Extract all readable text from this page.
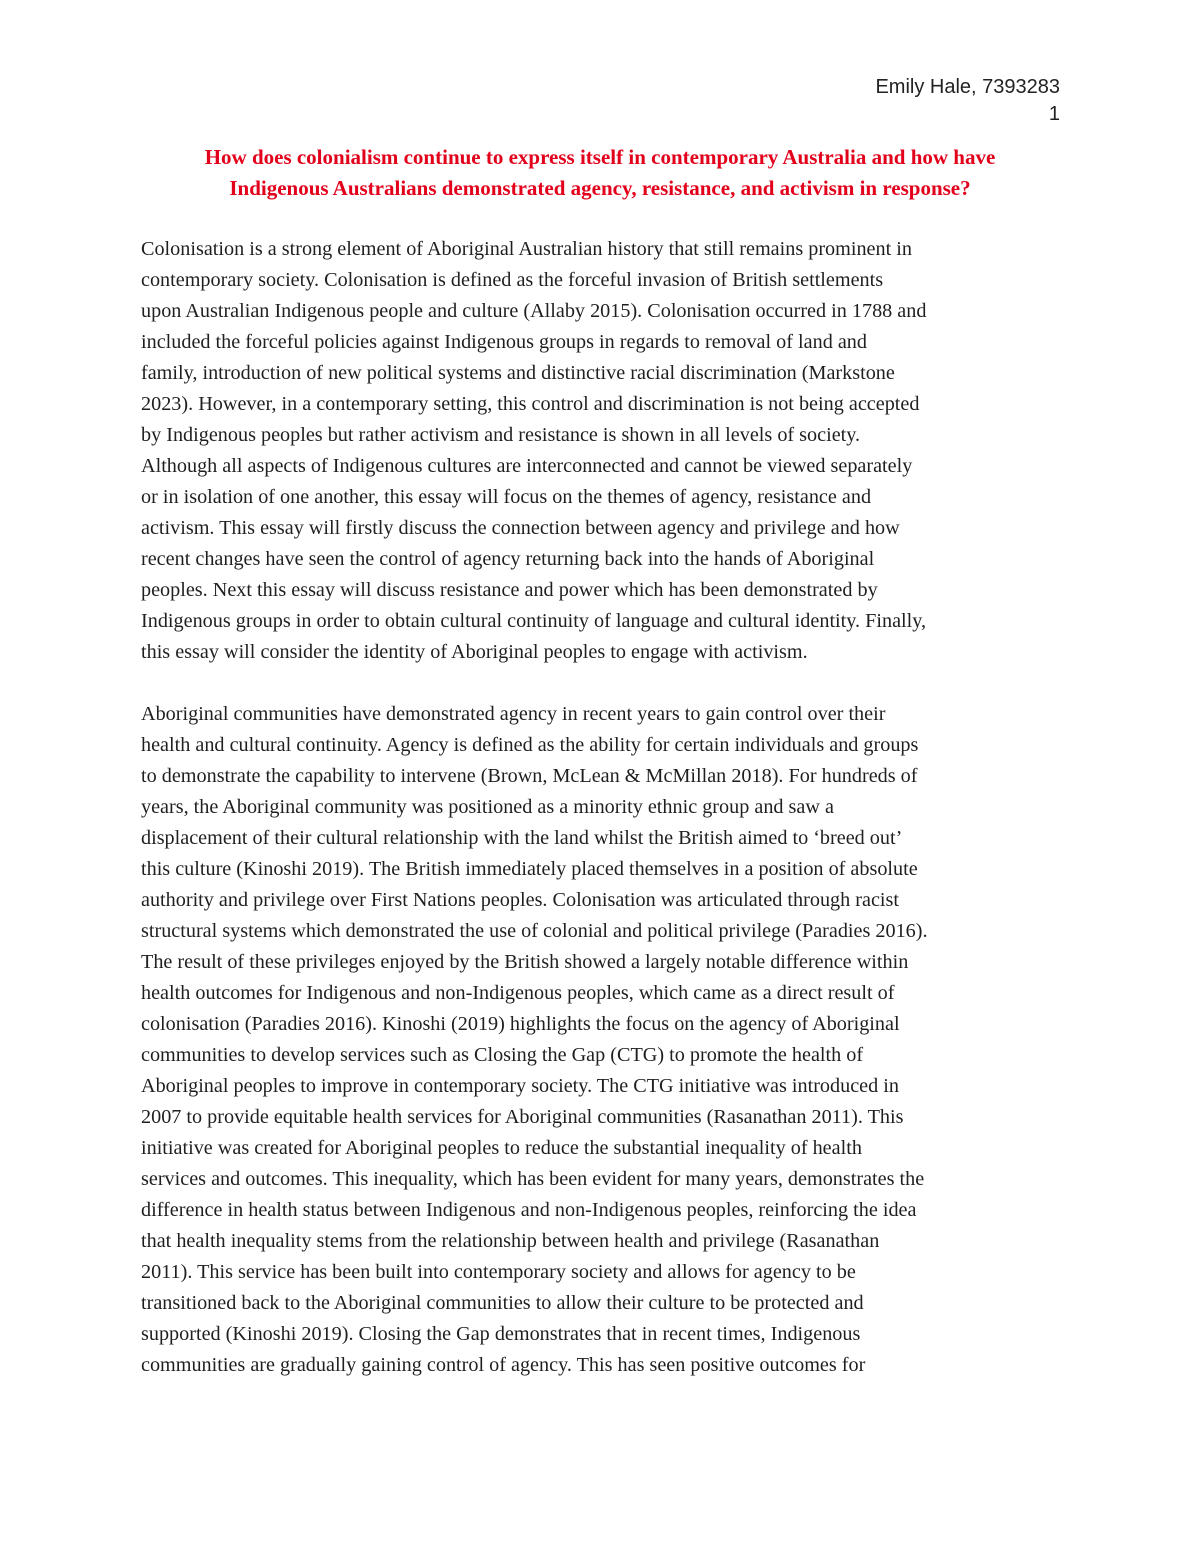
Emily Hale, 7393283
1
How does colonialism continue to express itself in contemporary Australia and how have
Indigenous Australians demonstrated agency, resistance, and activism in response?
Colonisation is a strong element of Aboriginal Australian history that still remains prominent in
contemporary society. Colonisation is defined as the forceful invasion of British settlements
upon Australian Indigenous people and culture (Allaby 2015). Colonisation occurred in 1788 and
included the forceful policies against Indigenous groups in regards to removal of land and
family, introduction of new political systems and distinctive racial discrimination (Markstone
2023). However, in a contemporary setting, this control and discrimination is not being accepted
by Indigenous peoples but rather activism and resistance is shown in all levels of society.
Although all aspects of Indigenous cultures are interconnected and cannot be viewed separately
or in isolation of one another, this essay will focus on the themes of agency, resistance and
activism. This essay will firstly discuss the connection between agency and privilege and how
recent changes have seen the control of agency returning back into the hands of Aboriginal
peoples. Next this essay will discuss resistance and power which has been demonstrated by
Indigenous groups in order to obtain cultural continuity of language and cultural identity. Finally,
this essay will consider the identity of Aboriginal peoples to engage with activism.
Aboriginal communities have demonstrated agency in recent years to gain control over their
health and cultural continuity. Agency is defined as the ability for certain individuals and groups
to demonstrate the capability to intervene (Brown, McLean & McMillan 2018). For hundreds of
years, the Aboriginal community was positioned as a minority ethnic group and saw a
displacement of their cultural relationship with the land whilst the British aimed to ‘breed out’
this culture (Kinoshi 2019). The British immediately placed themselves in a position of absolute
authority and privilege over First Nations peoples. Colonisation was articulated through racist
structural systems which demonstrated the use of colonial and political privilege (Paradies 2016).
The result of these privileges enjoyed by the British showed a largely notable difference within
health outcomes for Indigenous and non-Indigenous peoples, which came as a direct result of
colonisation (Paradies 2016). Kinoshi (2019) highlights the focus on the agency of Aboriginal
communities to develop services such as Closing the Gap (CTG) to promote the health of
Aboriginal peoples to improve in contemporary society. The CTG initiative was introduced in
2007 to provide equitable health services for Aboriginal communities (Rasanathan 2011). This
initiative was created for Aboriginal peoples to reduce the substantial inequality of health
services and outcomes. This inequality, which has been evident for many years, demonstrates the
difference in health status between Indigenous and non-Indigenous peoples, reinforcing the idea
that health inequality stems from the relationship between health and privilege (Rasanathan
2011). This service has been built into contemporary society and allows for agency to be
transitioned back to the Aboriginal communities to allow their culture to be protected and
supported (Kinoshi 2019). Closing the Gap demonstrates that in recent times, Indigenous
communities are gradually gaining control of agency. This has seen positive outcomes for
